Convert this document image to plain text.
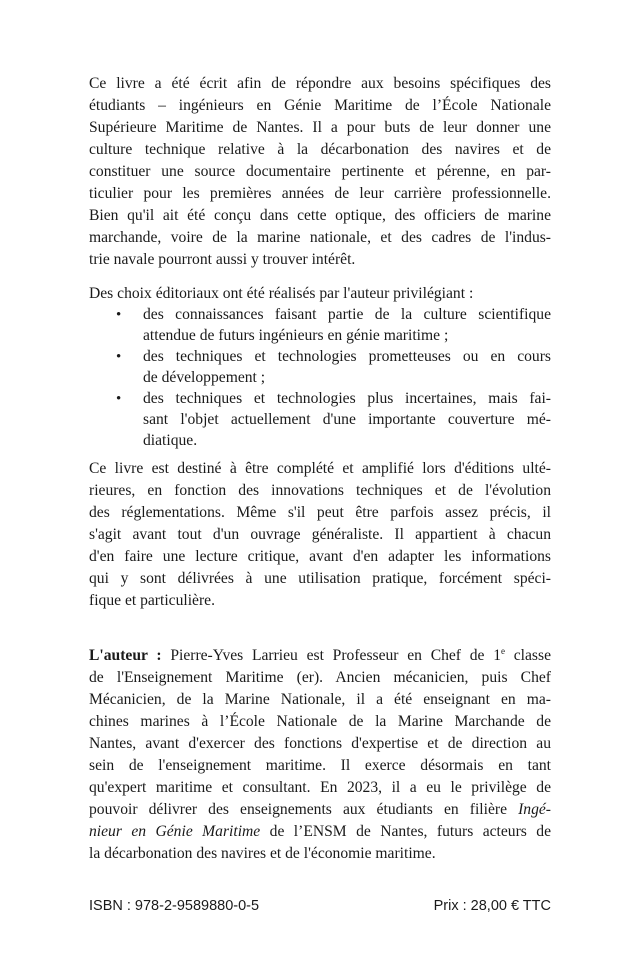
Ce livre a été écrit afin de répondre aux besoins spécifiques des
étudiants – ingénieurs en Génie Maritime de l’École Nationale
Supérieure Maritime de Nantes. Il a pour buts de leur donner une
culture technique relative à la décarbonation des navires et de
constituer une source documentaire pertinente et pérenne, en par-
ticulier pour les premières années de leur carrière professionnelle.
Bien qu'il ait été conçu dans cette optique, des officiers de marine
marchande, voire de la marine nationale, et des cadres de l'indus-
trie navale pourront aussi y trouver intérêt.
Des choix éditoriaux ont été réalisés par l'auteur privilégiant :
•	des connaissances faisant partie de la culture scientifique
attendue de futurs ingénieurs en génie maritime ;
•	des techniques et technologies prometteuses ou en cours
de développement ;
•	des techniques et technologies plus incertaines, mais fai-
sant l'objet actuellement d'une importante couverture mé-
diatique.
Ce livre est destiné à être complété et amplifié lors d'éditions ulté-
rieures, en fonction des innovations techniques et de l'évolution
des réglementations. Même s'il peut être parfois assez précis, il
s'agit avant tout d'un ouvrage généraliste. Il appartient à chacun
d'en faire une lecture critique, avant d'en adapter les informations
qui y sont délivrées à une utilisation pratique, forcément spéci-
fique et particulière.
L'auteur : Pierre-Yves Larrieu est Professeur en Chef de 1e classe
de l'Enseignement Maritime (er). Ancien mécanicien, puis Chef
Mécanicien, de la Marine Nationale, il a été enseignant en ma-
chines marines à l’École Nationale de la Marine Marchande de
Nantes, avant d'exercer des fonctions d'expertise et de direction au
sein de l'enseignement maritime. Il exerce désormais en tant
qu'expert maritime et consultant. En 2023, il a eu le privilège de
pouvoir délivrer des enseignements aux étudiants en filière Ingé-
nieur en Génie Maritime de l’ENSM de Nantes, futurs acteurs de
la décarbonation des navires et de l'économie maritime.
ISBN : 978-2-9589880-0-5	Prix : 28,00 € TTC
